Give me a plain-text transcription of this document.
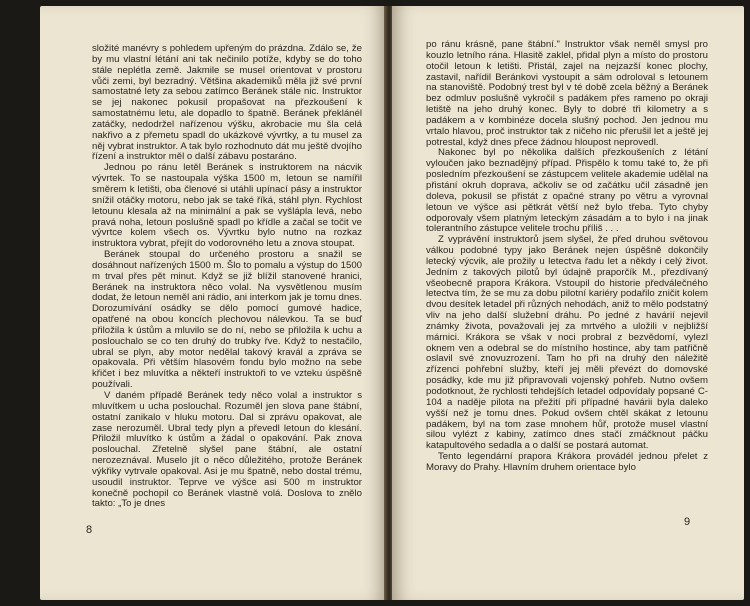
složité manévry s pohledem upřeným do prázdna. Zdálo se, že by mu vlastní létání ani tak nečinilo potíže, kdyby se do toho stále neplétla země. Jakmile se musel orientovat v prostoru vůči zemi, byl bezradný. Většina akademiků měla již své první samostatné lety za sebou zatímco Beránek stále nic. Instruktor se jej nakonec pokusil propašovat na přezkoušení k samostatnému letu, ale dopadlo to špatně. Beránek překlánél zatáčky, nedodržel nařízenou výšku, akrobacie mu šla celá nakřivo a z přemetu spadl do ukázkové vývrtky, a tu musel za něj vybrat instruktor. A tak bylo rozhodnuto dát mu ještě dvojího řízení a instruktor měl o další zábavu postaráno.

Jednou po ránu letěl Beránek s instruktorem na nácvik vývrtek. To se nastoupala výška 1500 m, letoun se namířil směrem k letišti, oba členové si utáhli upínací pásy a instruktor snížil otáčky motoru, nebo jak se také říká, stáhl plyn. Rychlost letounu klesala až na minimální a pak se vyšlápla levá, nebo pravá noha, letoun poslušně spadl po křídle a začal se točit ve vývrtce kolem všech os. Vývrtku bylo nutno na rozkaz instruktora vybrat, přejít do vodorovného letu a znova stoupat.

Beránek stoupal do určeného prostoru a snažil se dosáhnout nařízených 1500 m. Šlo to pomalu a výstup do 1500 m trval přes pět minut. Když se již blížil stanovené hranici, Beránek na instruktora něco volal. Na vysvětlenou musím dodat, že letoun neměl ani rádio, ani interkom jak je tomu dnes. Dorozumívání osádky se dělo pomocí gumové hadice, opatřené na obou koncích plechovou nálevkou. Ta se buď přiložila k ústům a mluvilo se do ní, nebo se přiložila k uchu a poslouchalo se co ten druhý do trubky řve. Když to nestačilo, ubral se plyn, aby motor nedělal takový kravál a zpráva se opakovala. Při větším hlasovém fondu bylo možno na sebe křičet i bez mluvítka a někteří instruktoři to ve vzteku úspěšně používali.

V daném případě Beránek tedy něco volal a instruktor s mluvítkem u ucha poslouchal. Rozuměl jen slova pane štábní, ostatní zanikalo v hluku motoru. Dal si zprávu opakovat, ale zase nerozuměl. Ubral tedy plyn a převedl letoun do klesání. Přiložil mluvítko k ústům a žádal o opakování. Pak znova poslouchal. Zřetelně slyšel pane štábní, ale ostatní nerozeznával. Muselo jít o něco důležitého, protože Beránek výkřiky vytrvale opakoval. Asi je mu špatně, nebo dostal trému, usoudil instruktor. Teprve ve výšce asi 500 m instruktor konečně pochopil co Beránek vlastně volá. Doslova to znělo takto: „To je dnes

8

po ránu krásně, pane štábní." Instruktor však neměl smysl pro kouzlo letního rána. Hlasitě zaklel, přidal plyn a místo do prostoru otočil letoun k letišti. Přistál, zajel na nejzazší konec plochy, zastavil, nařídil Beránkovi vystoupit a sám odroloval s letounem na stanoviště. Podobný trest byl v té době zcela běžný a Beránek bez odmluv poslušně vykročil s padákem přes rameno po okraji letiště na jeho druhý konec. Byly to dobré tři kilometry a s padákem a v kombinéze docela slušný pochod. Jen jednou mu vrtalo hlavou, proč instruktor tak z ničeho nic přerušil let a ještě jej potrestal, když dnes přece žádnou hloupost neprovedl.

Nakonec byl po několika dalších přezkoušeních z létání vyloučen jako beznadějný případ. Přispělo k tomu také to, že při posledním přezkoušení se zástupcem velitele akademie udělal na přistání okruh doprava, ačkoliv se od začátku učil zásadně jen doleva, pokusil se přistát z opačné strany po větru a vyrovnal letoun ve výšce asi pětkrát větší než bylo třeba. Tyto chyby odporovaly všem platným leteckým zásadám a to bylo i na jinak tolerantního zástupce velitele trochu příliš . . .

Z vyprávění instruktorů jsem slyšel, že před druhou světovou válkou podobné typy jako Beránek nejen úspěšně dokončily letecký výcvik, ale prožily u letectva řadu let a někdy i celý život. Jedním z takových pilotů byl údajně praporčík M., přezdívaný všeobecně prapora Krákora. Vstoupil do historie předválečného letectva tím, že se mu za dobu pilotní kariéry podařilo zničit kolem dvou desítek letadel při různých nehodách, aniž to mělo podstatný vliv na jeho další služební dráhu. Po jedné z havárií nejevil známky života, považovali jej za mrtvého a uložili v nejbližší márnici. Krákora se však v noci probral z bezvědomí, vylezl oknem ven a odebral se do místního hostince, aby tam patřičně oslavil své znovuzrození. Tam ho při na druhý den náležitě zřízenci pohřební služby, kteří jej měli převézt do domovské posádky, kde mu již připravovali vojenský pohřeb. Nutno ovšem podotknout, že rychlosti tehdejších letadel odpovídaly popsané C-104 a naděje pilota na přežití při případné havárii byla daleko vyšší než je tomu dnes. Pokud ovšem chtěl skákat z letounu padákem, byl na tom zase mnohem hůř, protože musel vlastní silou vylézt z kabiny, zatímco dnes stačí zmáčknout páčku katapultového sedadla a o další se postará automat.

Tento legendární prapora Krákora provádél jednou přelet z Moravy do Prahy. Hlavním druhem orientace bylo

9
